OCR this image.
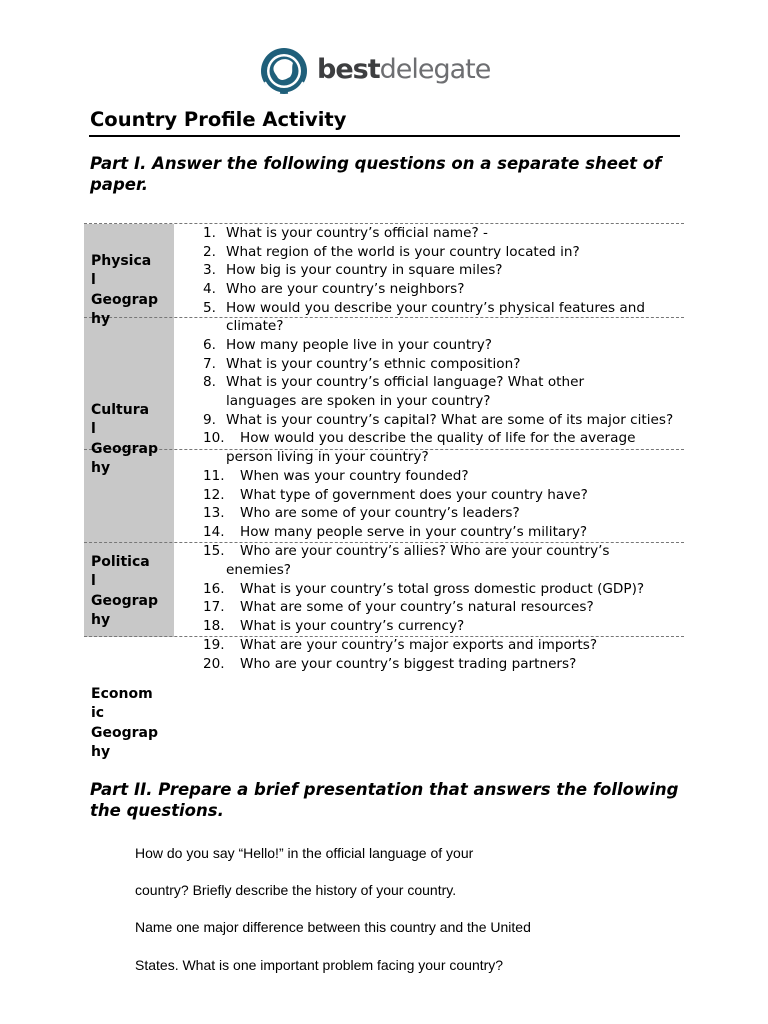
bestdelegate
Country Profile Activity
Part I. Answer the following questions on a separate sheet of paper.
Physica
l
Geograp
hy
Cultura
l
Geograp
hy
Politica
l
Geograp
hy
Econom
ic
Geograp
hy
1. What is your country’s official name? -
2. What region of the world is your country located in?
3. How big is your country in square miles?
4. Who are your country’s neighbors?
5. How would you describe your country’s physical features and
climate?
6. How many people live in your country?
7. What is your country’s ethnic composition?
8. What is your country’s official language? What other
languages are spoken in your country?
9. What is your country’s capital? What are some of its major cities?
10. How would you describe the quality of life for the average
person living in your country?
11. When was your country founded?
12. What type of government does your country have?
13. Who are some of your country’s leaders?
14. How many people serve in your country’s military?
15. Who are your country’s allies? Who are your country’s
enemies?
16. What is your country’s total gross domestic product (GDP)?
17. What are some of your country’s natural resources?
18. What is your country’s currency?
19. What are your country’s major exports and imports?
20. Who are your country’s biggest trading partners?
Part II. Prepare a brief presentation that answers the following the questions.
How do you say “Hello!” in the official language of your
country? Briefly describe the history of your country.
Name one major difference between this country and the United
States. What is one important problem facing your country?
